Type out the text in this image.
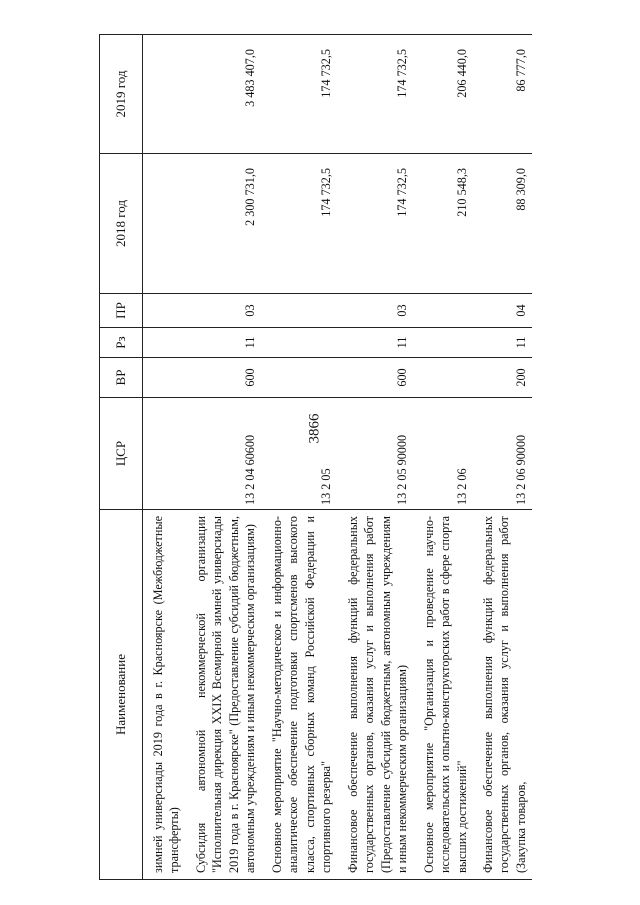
3866
Наименование	ЦСР	ВР	Рз	ПР	2018 год	2019 год
зимней универсиады 2019 года в г. Красноярске (Межбюджетные трансферты)						
Субсидия автономной некоммерческой организации "Исполнительная дирекция XXIX Всемирной зимней универсиады 2019 года в г. Красноярске" (Предоставление субсидий бюджетным, автономным учреждениям и иным некоммерческим организациям)	13 2 04 60600	600	11	03	2 300 731,0	3 483 407,0
Основное мероприятие "Научно-методическое и информационно-аналитическое обеспечение подготовки спортсменов высокого класса, спортивных сборных команд Российской Федерации и спортивного резерва"	13 2 05				174 732,5	174 732,5
Финансовое обеспечение выполнения функций федеральных государственных органов, оказания услуг и выполнения работ (Предоставление субсидий бюджетным, автономным учреждениям и иным некоммерческим организациям)	13 2 05 90000	600	11	03	174 732,5	174 732,5
Основное мероприятие "Организация и проведение научно-исследовательских и опытно-конструкторских работ в сфере спорта высших достижений"	13 2 06				210 548,3	206 440,0
Финансовое обеспечение выполнения функций федеральных государственных органов, оказания услуг и выполнения работ (Закупка товаров,	13 2 06 90000	200	11	04	88 309,0	86 777,0
